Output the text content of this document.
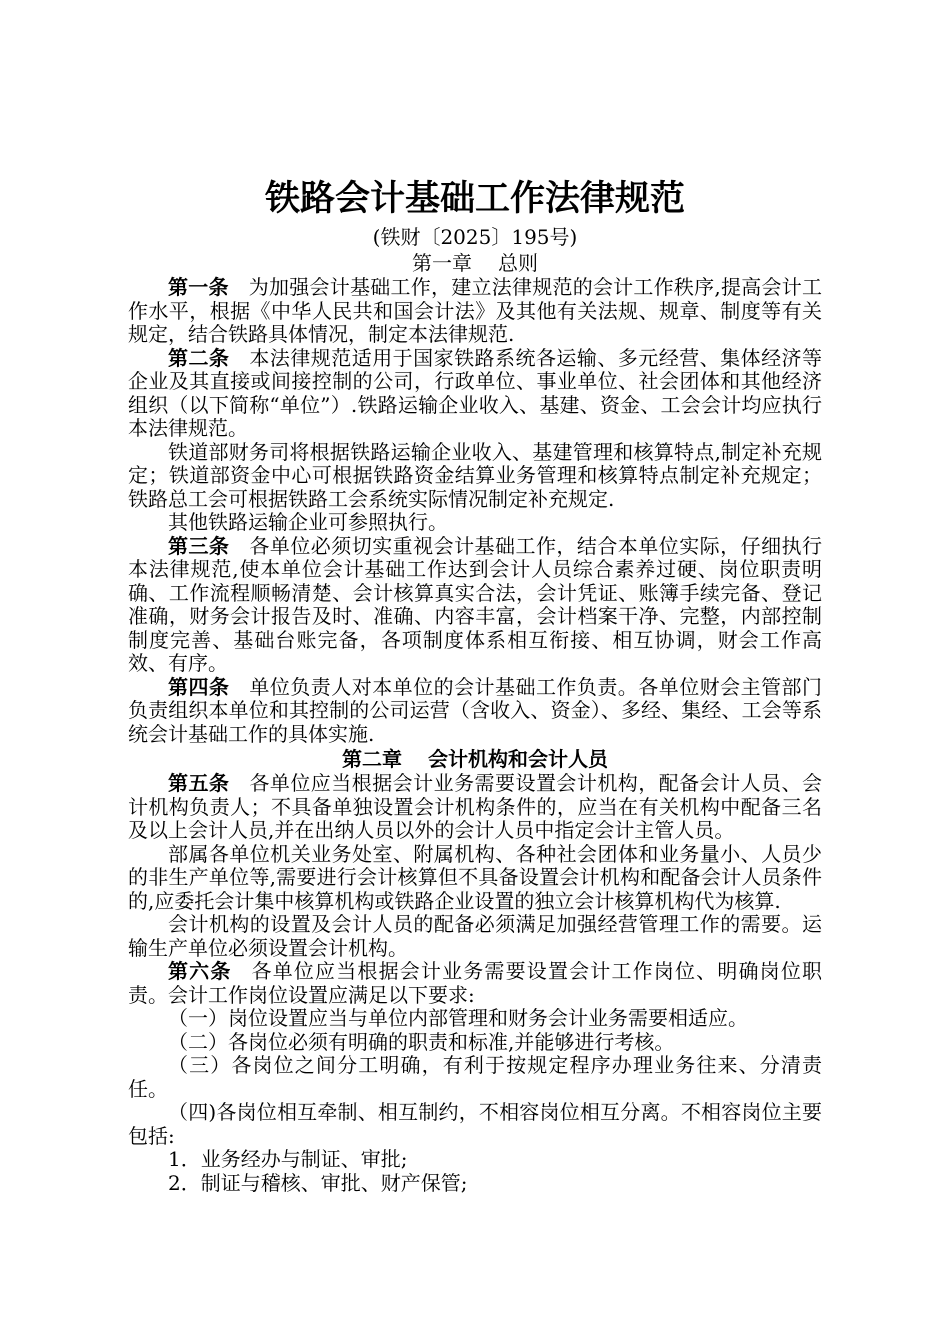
铁路会计基础工作法律规范
(铁财〔2025〕195号)
第一章 总则

第一条 为加强会计基础工作，建立法律规范的会计工作秩序,提高会计工作水平，根据《中华人民共和国会计法》及其他有关法规、规章、制度等有关规定，结合铁路具体情况，制定本法律规范.

第二条 本法律规范适用于国家铁路系统各运输、多元经营、集体经济等企业及其直接或间接控制的公司，行政单位、事业单位、社会团体和其他经济组织（以下简称“单位”）.铁路运输企业收入、基建、资金、工会会计均应执行本法律规范。

铁道部财务司将根据铁路运输企业收入、基建管理和核算特点,制定补充规定；铁道部资金中心可根据铁路资金结算业务管理和核算特点制定补充规定；铁路总工会可根据铁路工会系统实际情况制定补充规定.

其他铁路运输企业可参照执行。

第三条 各单位必须切实重视会计基础工作，结合本单位实际，仔细执行本法律规范,使本单位会计基础工作达到会计人员综合素养过硬、岗位职责明确、工作流程顺畅清楚、会计核算真实合法，会计凭证、账簿手续完备、登记准确，财务会计报告及时、准确、内容丰富，会计档案干净、完整，内部控制制度完善、基础台账完备，各项制度体系相互衔接、相互协调，财会工作高效、有序。

第四条 单位负责人对本单位的会计基础工作负责。各单位财会主管部门负责组织本单位和其控制的公司运营（含收入、资金）、多经、集经、工会等系统会计基础工作的具体实施.

第二章 会计机构和会计人员

第五条 各单位应当根据会计业务需要设置会计机构，配备会计人员、会计机构负责人；不具备单独设置会计机构条件的，应当在有关机构中配备三名及以上会计人员,并在出纳人员以外的会计人员中指定会计主管人员。

部属各单位机关业务处室、附属机构、各种社会团体和业务量小、人员少的非生产单位等,需要进行会计核算但不具备设置会计机构和配备会计人员条件的,应委托会计集中核算机构或铁路企业设置的独立会计核算机构代为核算.

会计机构的设置及会计人员的配备必须满足加强经营管理工作的需要。运输生产单位必须设置会计机构。

第六条 各单位应当根据会计业务需要设置会计工作岗位、明确岗位职责。会计工作岗位设置应满足以下要求:

（一）岗位设置应当与单位内部管理和财务会计业务需要相适应。

（二）各岗位必须有明确的职责和标准,并能够进行考核。

（三）各岗位之间分工明确，有利于按规定程序办理业务往来、分清责任。

（四)各岗位相互牵制、相互制约，不相容岗位相互分离。不相容岗位主要包括:

1．业务经办与制证、审批;

2．制证与稽核、审批、财产保管;
